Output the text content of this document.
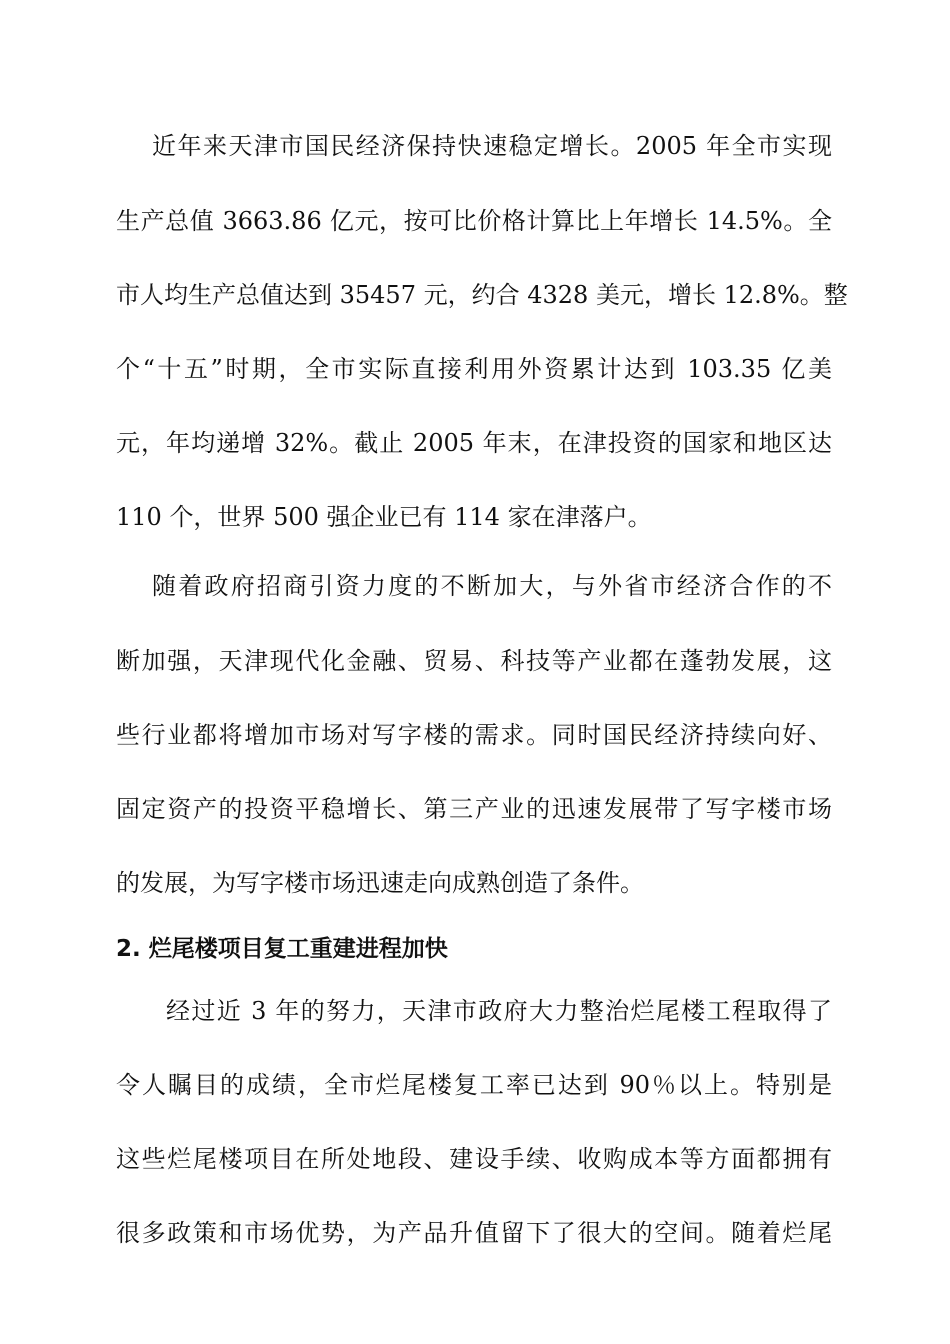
近年来天津市国民经济保持快速稳定增长。2005 年全市实现
生产总值 3663.86 亿元，按可比价格计算比上年增长 14.5%。全
市人均生产总值达到 35457 元，约合 4328 美元，增长 12.8%。整
个“十五”时期，全市实际直接利用外资累计达到 103.35 亿美
元，年均递增 32%。截止 2005 年末，在津投资的国家和地区达
110 个，世界 500 强企业已有 114 家在津落户。
随着政府招商引资力度的不断加大，与外省市经济合作的不
断加强，天津现代化金融、贸易、科技等产业都在蓬勃发展，这
些行业都将增加市场对写字楼的需求。同时国民经济持续向好、
固定资产的投资平稳增长、第三产业的迅速发展带了写字楼市场
的发展，为写字楼市场迅速走向成熟创造了条件。
2. 烂尾楼项目复工重建进程加快
经过近 3 年的努力，天津市政府大力整治烂尾楼工程取得了
令人瞩目的成绩，全市烂尾楼复工率已达到 90％以上。特别是
这些烂尾楼项目在所处地段、建设手续、收购成本等方面都拥有
很多政策和市场优势，为产品升值留下了很大的空间。随着烂尾
